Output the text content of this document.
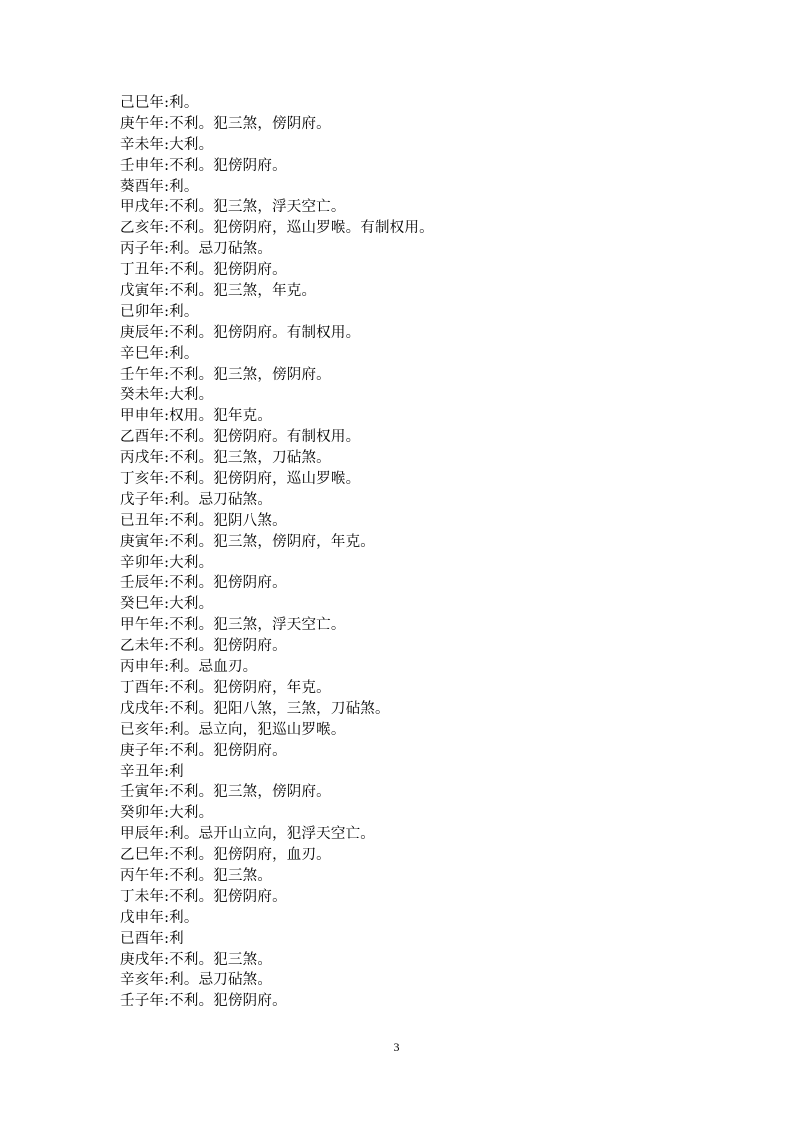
己巳年:利。
庚午年:不利。犯三煞，傍阴府。
辛未年:大利。
壬申年:不利。犯傍阴府。
葵酉年:利。
甲戌年:不利。犯三煞，浮天空亡。
乙亥年:不利。犯傍阴府，巡山罗喉。有制权用。
丙子年:利。忌刀砧煞。
丁丑年:不利。犯傍阴府。
戊寅年:不利。犯三煞，年克。
已卯年:利。
庚辰年:不利。犯傍阴府。有制权用。
辛巳年:利。
壬午年:不利。犯三煞，傍阴府。
癸未年:大利。
甲申年:权用。犯年克。
乙酉年:不利。犯傍阴府。有制权用。
丙戌年:不利。犯三煞，刀砧煞。
丁亥年:不利。犯傍阴府，巡山罗喉。
戊子年:利。忌刀砧煞。
已丑年:不利。犯阴八煞。
庚寅年:不利。犯三煞，傍阴府，年克。
辛卯年:大利。
壬辰年:不利。犯傍阴府。
癸巳年:大利。
甲午年:不利。犯三煞，浮天空亡。
乙未年:不利。犯傍阴府。
丙申年:利。忌血刃。
丁酉年:不利。犯傍阴府，年克。
戊戌年:不利。犯阳八煞，三煞，刀砧煞。
已亥年:利。忌立向，犯巡山罗喉。
庚子年:不利。犯傍阴府。
辛丑年:利
壬寅年:不利。犯三煞，傍阴府。
癸卯年:大利。
甲辰年:利。忌开山立向，犯浮天空亡。
乙巳年:不利。犯傍阴府，血刃。
丙午年:不利。犯三煞。
丁未年:不利。犯傍阴府。
戊申年:利。
已酉年:利
庚戌年:不利。犯三煞。
辛亥年:利。忌刀砧煞。
壬子年:不利。犯傍阴府。
3
